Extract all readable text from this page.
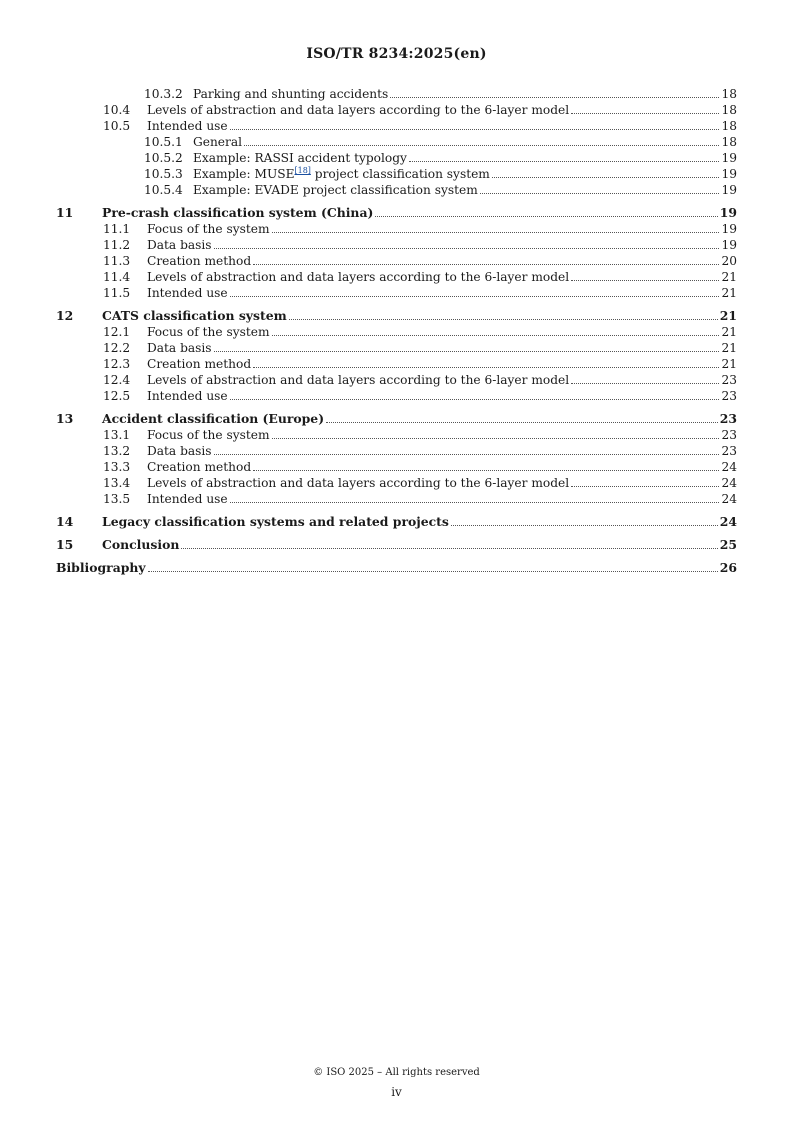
ISO/TR 8234:2025(en)
10.3.2 Parking and shunting accidents	18
10.4 Levels of abstraction and data layers according to the 6-layer model	18
10.5 Intended use	18
10.5.1 General	18
10.5.2 Example: RASSI accident typology	19
10.5.3 Example: MUSE[18] project classification system	19
10.5.4 Example: EVADE project classification system	19
11 Pre-crash classification system (China)	19
11.1 Focus of the system	19
11.2 Data basis	19
11.3 Creation method	20
11.4 Levels of abstraction and data layers according to the 6-layer model	21
11.5 Intended use	21
12 CATS classification system	21
12.1 Focus of the system	21
12.2 Data basis	21
12.3 Creation method	21
12.4 Levels of abstraction and data layers according to the 6-layer model	23
12.5 Intended use	23
13 Accident classification (Europe)	23
13.1 Focus of the system	23
13.2 Data basis	23
13.3 Creation method	24
13.4 Levels of abstraction and data layers according to the 6-layer model	24
13.5 Intended use	24
14 Legacy classification systems and related projects	24
15 Conclusion	25
Bibliography	26
© ISO 2025 – All rights reserved
iv
